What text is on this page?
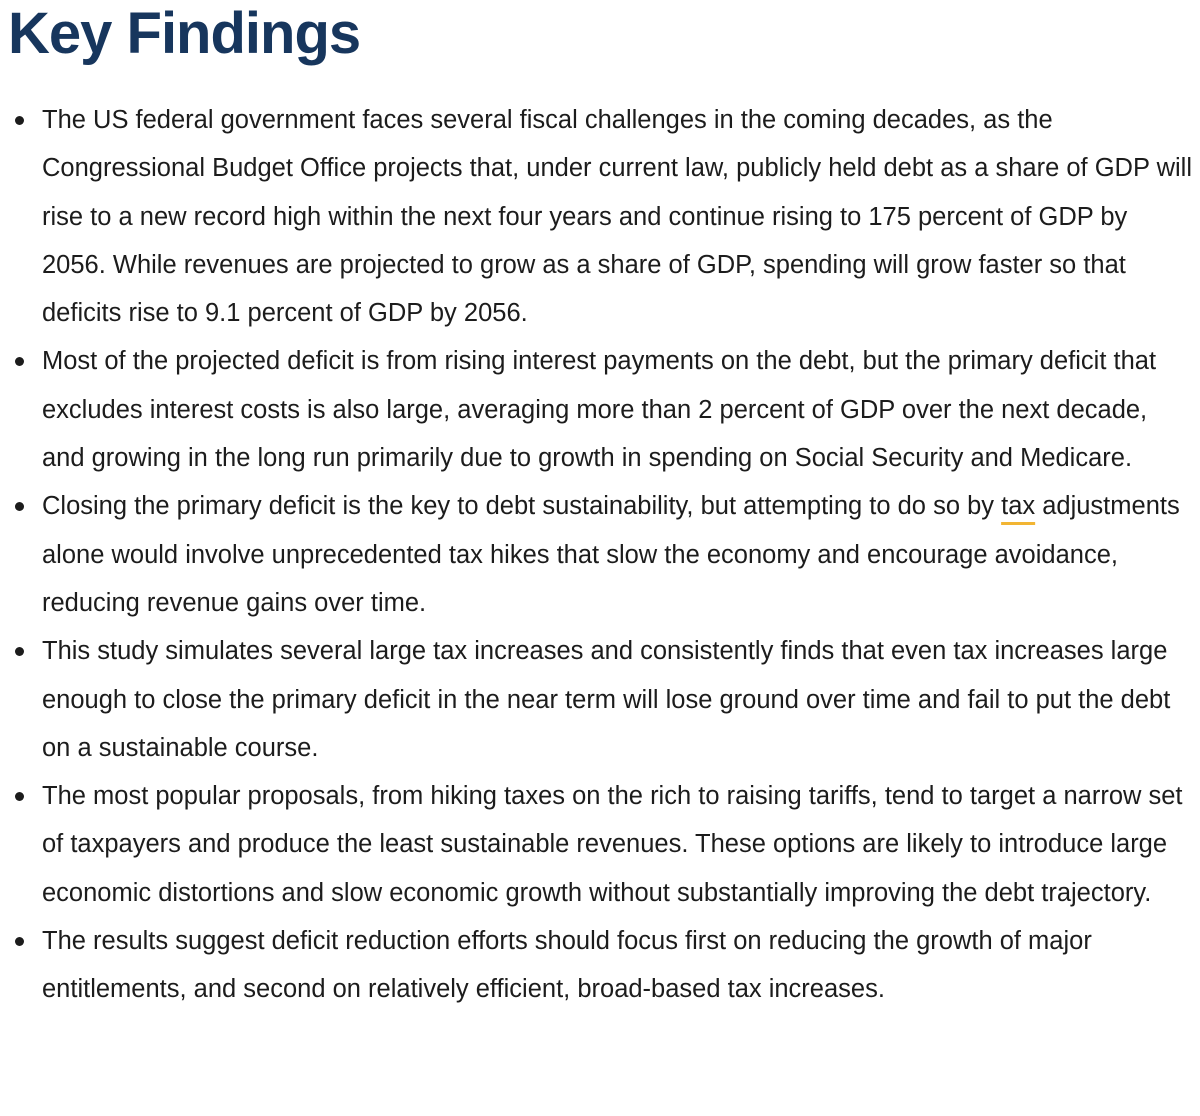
Key Findings
The US federal government faces several fiscal challenges in the coming decades, as the Congressional Budget Office projects that, under current law, publicly held debt as a share of GDP will rise to a new record high within the next four years and continue rising to 175 percent of GDP by 2056. While revenues are projected to grow as a share of GDP, spending will grow faster so that deficits rise to 9.1 percent of GDP by 2056.
Most of the projected deficit is from rising interest payments on the debt, but the primary deficit that excludes interest costs is also large, averaging more than 2 percent of GDP over the next decade, and growing in the long run primarily due to growth in spending on Social Security and Medicare.
Closing the primary deficit is the key to debt sustainability, but attempting to do so by tax adjustments alone would involve unprecedented tax hikes that slow the economy and encourage avoidance, reducing revenue gains over time.
This study simulates several large tax increases and consistently finds that even tax increases large enough to close the primary deficit in the near term will lose ground over time and fail to put the debt on a sustainable course.
The most popular proposals, from hiking taxes on the rich to raising tariffs, tend to target a narrow set of taxpayers and produce the least sustainable revenues. These options are likely to introduce large economic distortions and slow economic growth without substantially improving the debt trajectory.
The results suggest deficit reduction efforts should focus first on reducing the growth of major entitlements, and second on relatively efficient, broad-based tax increases.
